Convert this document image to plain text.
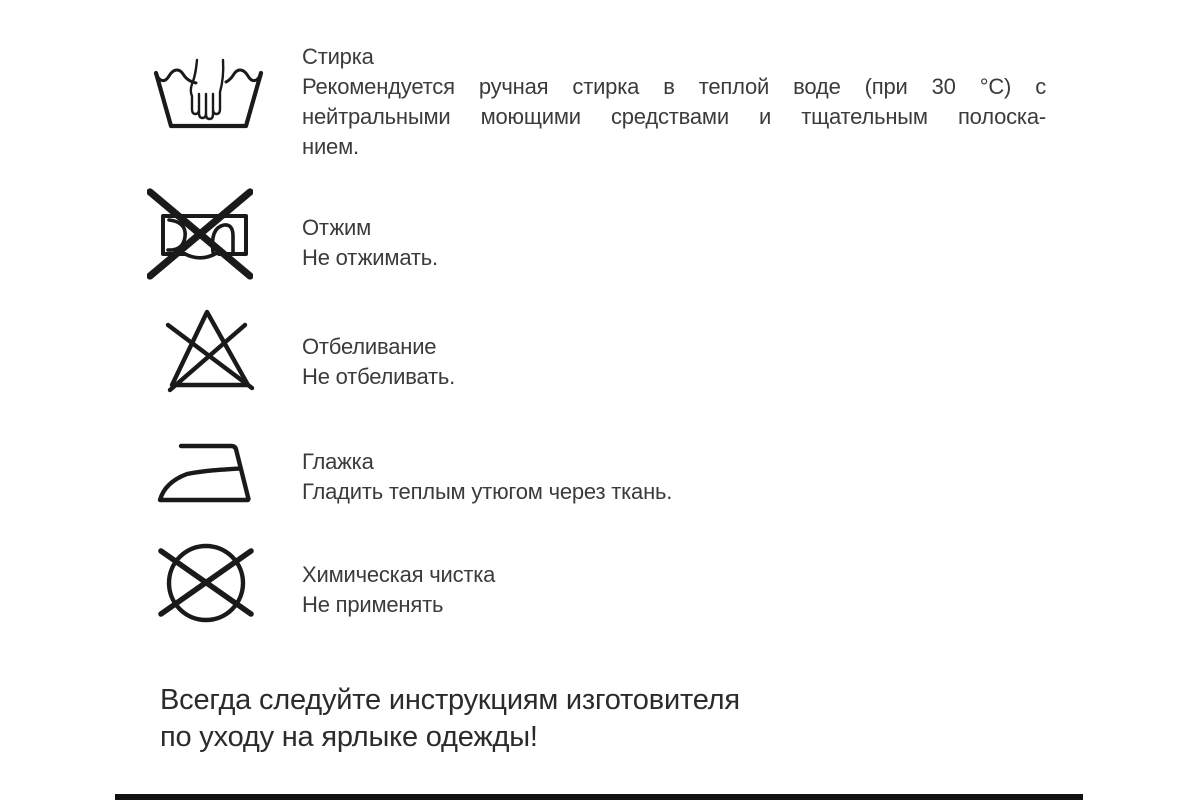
Стирка
Рекомендуется ручная стирка в теплой воде (при 30 °C) с
нейтральными моющими средствами и тщательным полоска-
нием.
Отжим
Не отжимать.
Отбеливание
Не отбеливать.
Глажка
Гладить теплым утюгом через ткань.
Химическая чистка
Не применять
Всегда следуйте инструкциям изготовителя
по уходу на ярлыке одежды!
